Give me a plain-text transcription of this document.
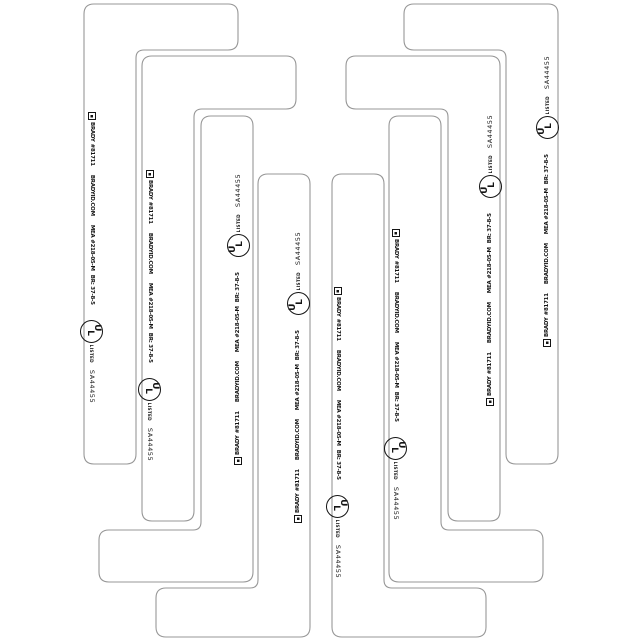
BRADY
#81711
BRADYID.COM
MEA #218-05-M
BR: 37-8-5
U
L
LISTED
SA44455
BRADY
#81711
BRADYID.COM
MEA #218-05-M
BR: 37-8-5
U
L
LISTED
SA44455	BRADY
#81711
BRADYID.COM
MEA #218-05-M
BR: 37-8-5
U
L
LISTED
SA44455
BRADY
#81711
BRADYID.COM
MEA #218-05-M
BR: 37-8-5
U
L
LISTED
SA44455
BRADY
#81711
BRADYID.COM
MEA #218-05-M
BR: 37-8-5
U
L
LISTED
SA44455
BRADY
#81711
BRADYID.COM
MEA #218-05-M
BR: 37-8-5
U
L
LISTED
SA44455
BRADY
#81711
BRADYID.COM
MEA #218-05-M
BR: 37-8-5
U
L
LISTED
SA44455
BRADY
#81711
BRADYID.COM
MEA #218-05-M
BR: 37-8-5
U
L
LISTED
SA44455
